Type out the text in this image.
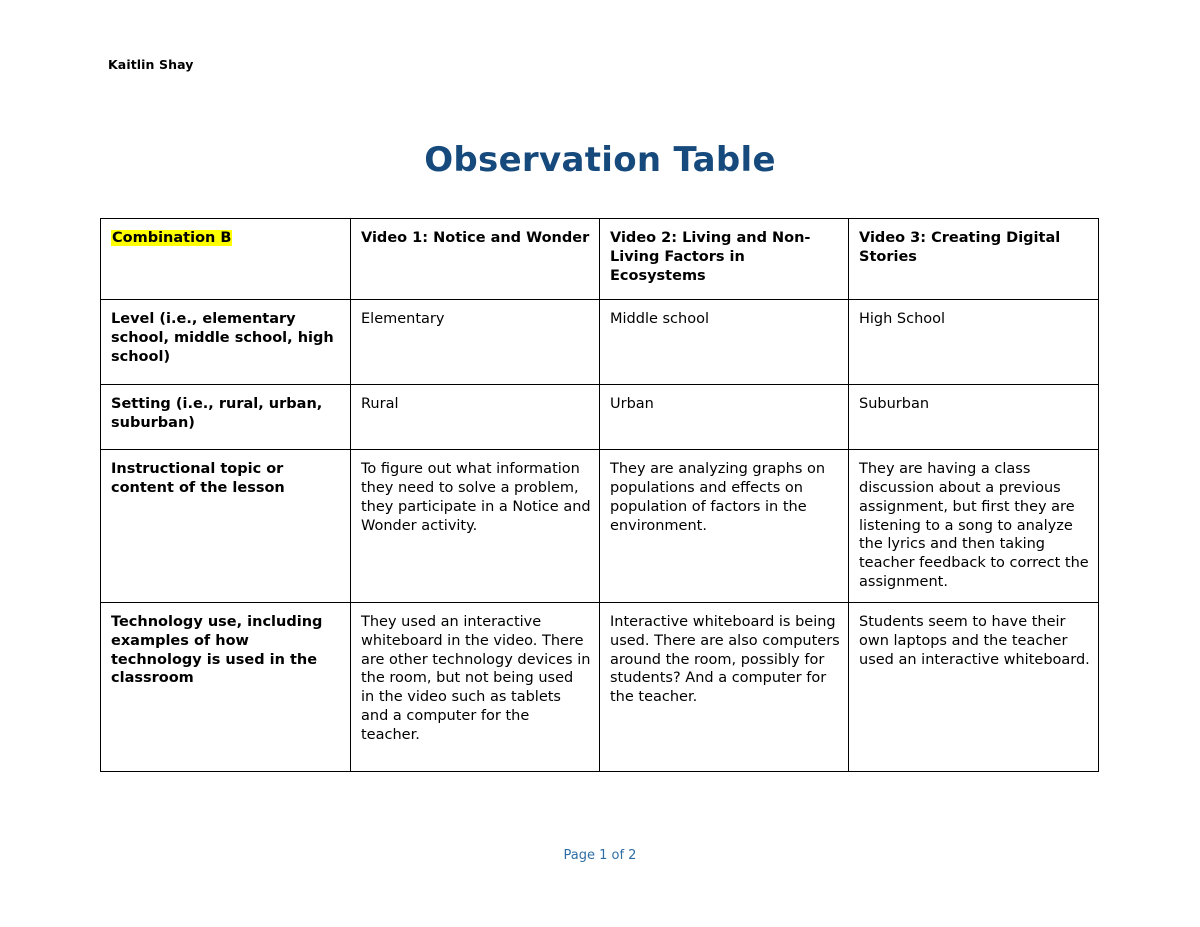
Kaitlin Shay
Observation Table
Combination B	Video 1: Notice and Wonder	Video 2: Living and Non-Living Factors in Ecosystems	Video 3: Creating Digital Stories
Level (i.e., elementary school, middle school, high school)	Elementary	Middle school	High School
Setting (i.e., rural, urban, suburban)	Rural	Urban	Suburban
Instructional topic or content of the lesson	To figure out what information they need to solve a problem, they participate in a Notice and Wonder activity.	They are analyzing graphs on populations and effects on population of factors in the environment.	They are having a class discussion about a previous assignment, but first they are listening to a song to analyze the lyrics and then taking teacher feedback to correct the assignment.
Technology use, including examples of how technology is used in the classroom	They used an interactive whiteboard in the video. There are other technology devices in the room, but not being used in the video such as tablets and a computer for the teacher.	Interactive whiteboard is being used. There are also computers around the room, possibly for students? And a computer for the teacher.	Students seem to have their own laptops and the teacher used an interactive whiteboard.
Page 1 of 2
